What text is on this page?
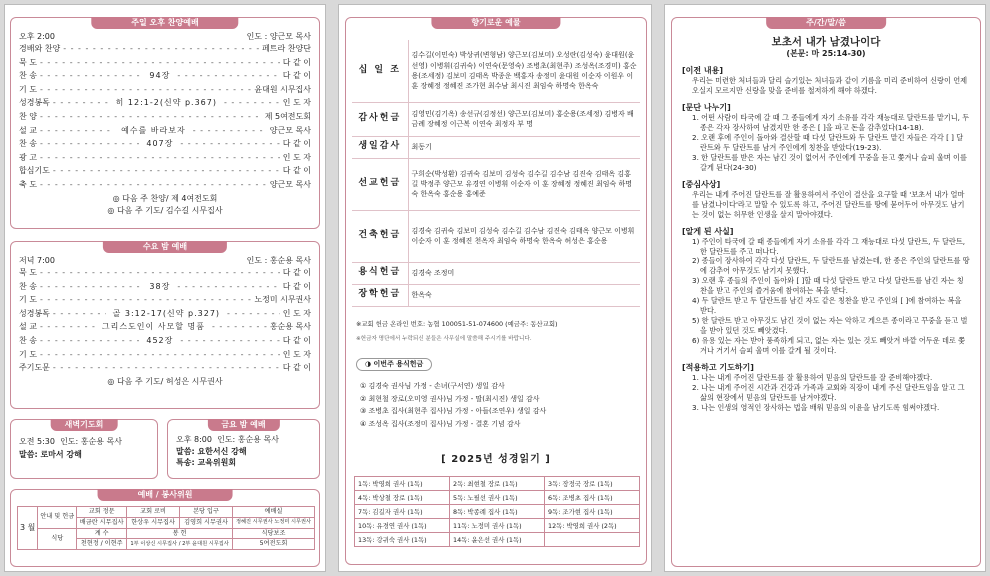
주일 오후 찬양예배
오후 2:00	인도 : 양근모 목사
경배와 찬양 - - -	페트라 찬양단
묵 도 - - -	다 같 이
찬 송 - - -	94장 - - -	다 같 이
기 도 - - -	윤대원 시무집사
성경봉독 - - -	히 12:1-2(신약 p.367) - - -	인 도 자
찬 양 - - -	제 5여전도회
설 교 - - -	예수를 바라보자 - - -	양근모 목사
찬 송 - - -	407장 - - -	다 같 이
광 고 - - -	인 도 자
합심기도 - - -	다 같 이
축 도 - - -	양근모 목사
◎ 다음 주 찬양/ 제 4여전도회
◎ 다음 주 기도/ 김수길 시무집사
수요 밤 예배
저녁 7:00	인도 : 홍순용 목사
묵 도 - - -	다 같 이
찬 송 - - -	38장 - - -	다 같 이
기 도 - - -	노정미 시무권사
성경봉독 - - -	골 3:12-17(신약 p.327) - - -	인 도 자
설 교 - - -	그리스도인이 사모할 명품 - - -	홍순용 목사
찬 송 - - -	452장 - - -	다 같 이
기 도 - - -	인 도 자
주기도문 - - -	다 같 이
◎ 다음 주 기도/ 허성은 시무권사
새벽기도회
오전 5:30 인도: 홍순용 목사
말씀: 로마서 강해
금요 밤 예배
오후 8:00 인도: 홍순용 목사
말씀: 요한서신 강해
특송: 교육위원회
예배 / 봉사위원
3 월	안내 및 헌금	교회 정문	교회 로비	본당 입구	예배실
		배금란 시무집사	한상우 시무집사	김영희 시무권사	정혜진 시무권사 노정미 시무권사
	식당	계 수	봉 헌		식당보조
		천현정 / 이현주	1부 이상신 시무집사 / 2부 윤대원 시무집사		5여전도회
향기로운 예물
십 일 조	김수길(이민숙) 박상귀(변형남) 양근모(김보미) 오성란(김성숙) 윤대원(윤선영) 이병휘(김귀숙) 이연숙(문영숙) 조병초(최현주) 조성옥(조경미) 홍순용(조세정) 김보미 김태옥 박종운 백홍자 송정미 윤대원 이순자 이원우 이 훈 장혜정 정혜진 조가현 최수남 최시진 최임숙 하명숙 한옥숙
감사헌금	김영민(김기옥) 송선규(김정선) 양근모(김보미) 홍순용(조세정) 김병자 배금례 장혜정 이근복 이연숙 최정자 부 명
생일감사	최동기
선교헌금	구희순(박성환) 김귀숙 김보미 김성숙 김수길 김수남 김진숙 김태옥 김홍길 박정주 양근모 유경연 이병휘 이순자 이 훈 장혜정 정혜진 최임숙 하명숙 한옥숙 홍순용 홍예준
건축헌금	김경숙 김귀숙 김보미 김성숙 김수길 김수남 김진숙 김태옥 양근모 이병휘 이순자 이 훈 정혜진 천옥자 최임숙 하명숙 한옥숙 허성은 홍순용
용식헌금	김경숙 조정미
장학헌금	한옥숙
※교회 헌금 온라인 번호: 농협 100051-51-074600 (예금주: 동산교회)
※헌금자 명단에서 누락되신 분들은 사무실에 말씀해 주시기를 바랍니다.
◑ 이번주 용식헌금
① 김경숙 권사님 가정 - 손녀(구서연) 생일 감사
② 최현철 장로(오미영 권사)님 가정 - 딸(최시진) 생일 감사
③ 조병초 집사(최현주 집사)님 가정 - 아들(조연우) 생일 감사
④ 조성옥 집사(조정미 집사)님 가정 - 결혼 기념 감사
[ 2025년 성경읽기 ]
1독: 박영희 권사 (1독)	2독: 최현철 장로 (1독)	3독: 장정국 장로 (1독)
4독: 박상철 장로 (1독)	5독: 노필선 권사 (1독)	6독: 조병초 집사 (1독)
7독: 김길자 권사 (1독)	8독: 박종례 집사 (1독)	9독: 조가현 집사 (1독)
10독: 유경연 권사 (1독)	11독: 노정미 권사 (1독)	12독: 박영희 권사 (2독)
13독: 강귀숙 권사 (1독)	14독: 윤은선 권사 (1독)	
주/간/말/씀
보초서 내가 남겼나이다
(본문: 마 25:14-30)
[이전 내용]

우리는 미련한 처녀들과 달리 슬기있는 처녀들과 같이 기름을 미리 준비하여 신랑이 언제 오실지 모르지만 신랑을 맞을 준비를 철저하게 해야 하겠다.

[문단 나누기]
1. 어떤 사람이 타국에 갈 때 그 종들에게 자기 소유를 각각 재능대로 달란트를 맡기니, 두 종은 각자 장사하여 남겼지만 한 종은 [ ]을 파고 돈을 감추었다(14-18).
2. 오랜 후에 주인이 돌아와 결산할 때 다섯 달란트와 두 달란트 맡긴 자들은 각각 [ ] 달란트와 두 달란트를 남겨 주인에게 칭찬을 받았다(19-23).
3. 한 달란트를 받은 자는 남긴 것이 없어서 주인에게 꾸중을 듣고 쫓겨나 슬피 울며 이를 갈게 된다(24-30)
[중심사상]

우리는 내게 주어진 달란트를 잘 활용하여서 주인이 결산을 요구할 때 '보초서 내가 얼마를 남겼나이다'라고 말할 수 있도록 하고, 주어진 달란트를 땅에 묻어두어 아무것도 남기는 것이 없는 허무한 인생을 살지 말아야겠다.

[알게 된 사실]
1) 주인이 타국에 갈 때 종들에게 자기 소유를 각각 그 재능대로 다섯 달란트, 두 달란트, 한 달란트를 주고 떠나다.
2) 종들이 장사하여 각각 다섯 달란트, 두 달란트를 남겼는데, 한 종은 주인의 달란트를 땅에 감추어 아무것도 남기지 못했다.
3) 오랜 후 종들의 주인이 돌아와 [ ]할 때 다섯 달란트 받고 다섯 달란트를 남긴 자는 칭찬을 받고 주인의 즐거움에 참여하는 복을 받다.
4) 두 달란트 받고 두 달란트를 남긴 자도 같은 칭찬을 받고 주인의 [ ]에 참여하는 복을 받다.
5) 한 달란트 받고 아무것도 남긴 것이 없는 자는 악하고 게으른 종이라고 꾸중을 듣고 벌을 받아 있던 것도 빼앗겼다.
6) 유용 있는 자는 받아 풍족하게 되고, 없는 자는 있는 것도 빼앗겨 바깥 어두운 데로 쫓겨나 거기서 슬피 울며 이를 갈게 될 것이다.
[적용하고 기도하기]
1. 나는 내게 주어진 달란트를 잘 활용하여 믿음의 달란트를 잘 준비해야겠다.
2. 나는 내게 주어진 시간과 건강과 가족과 교회와 직장이 내게 주신 달란트임을 알고 그 삶의 현장에서 믿음의 달란트를 남겨야겠다.
3. 나는 인생의 영적인 장사하는 법을 배워 믿음의 이윤을 남기도록 힘써야겠다.
